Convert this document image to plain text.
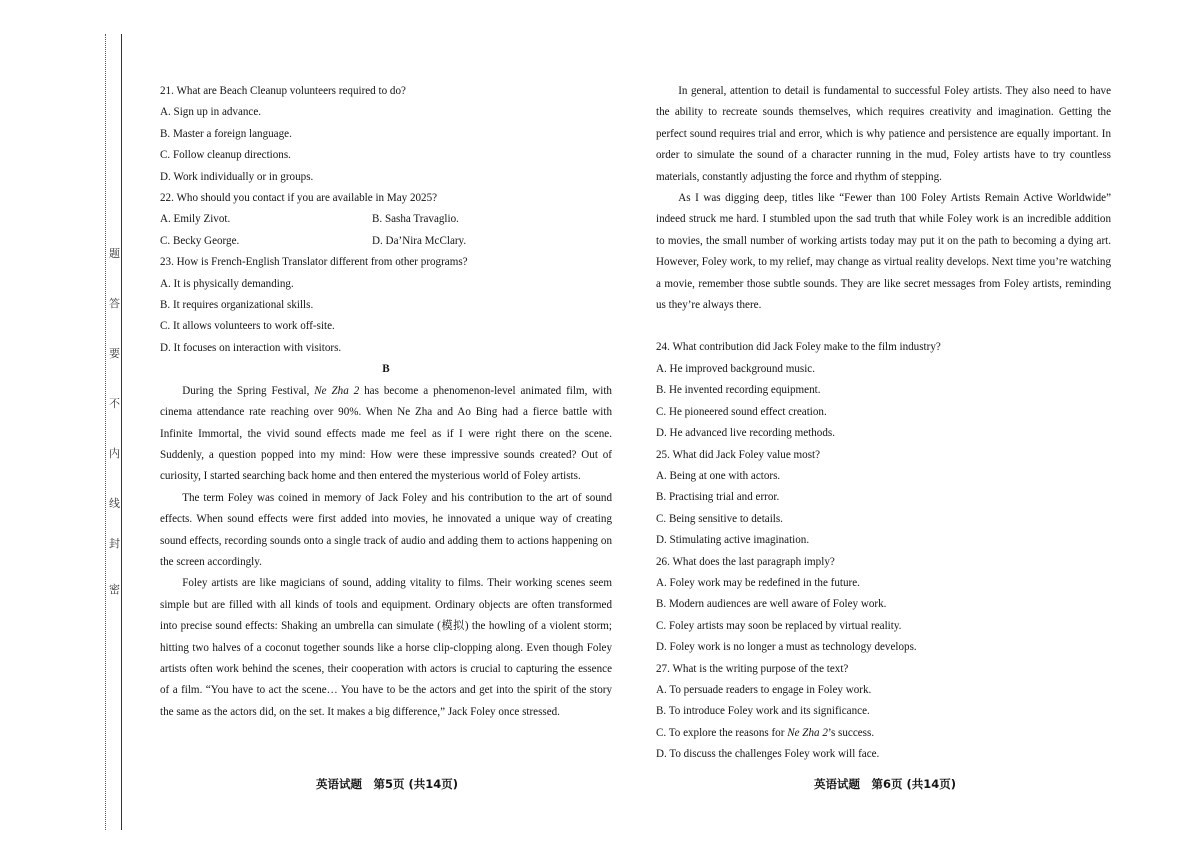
题
答
要
不
内
线
封
密

21. What are Beach Cleanup volunteers required to do?

A. Sign up in advance.

B. Master a foreign language.

C. Follow cleanup directions.

D. Work individually or in groups.

22. Who should you contact if you are available in May 2025?

A. Emily Zivot.	B. Sasha Travaglio.

C. Becky George.	D. Da’Nira McClary.

23. How is French-English Translator different from other programs?

A. It is physically demanding.

B. It requires organizational skills.

C. It allows volunteers to work off-site.

D. It focuses on interaction with visitors.

B

During the Spring Festival, Ne Zha 2 has become a phenomenon-level animated film, with cinema attendance rate reaching over 90%. When Ne Zha and Ao Bing had a fierce battle with Infinite Immortal, the vivid sound effects made me feel as if I were right there on the scene. Suddenly, a question popped into my mind: How were these impressive sounds created? Out of curiosity, I started searching back home and then entered the mysterious world of Foley artists.

The term Foley was coined in memory of Jack Foley and his contribution to the art of sound effects. When sound effects were first added into movies, he innovated a unique way of creating sound effects, recording sounds onto a single track of audio and adding them to actions happening on the screen accordingly.

Foley artists are like magicians of sound, adding vitality to films. Their working scenes seem simple but are filled with all kinds of tools and equipment. Ordinary objects are often transformed into precise sound effects: Shaking an umbrella can simulate (模拟) the howling of a violent storm; hitting two halves of a coconut together sounds like a horse clip-clopping along. Even though Foley artists often work behind the scenes, their cooperation with actors is crucial to capturing the essence of a film. “You have to act the scene… You have to be the actors and get into the spirit of the story the same as the actors did, on the set. It makes a big difference,” Jack Foley once stressed.

In general, attention to detail is fundamental to successful Foley artists. They also need to have the ability to recreate sounds themselves, which requires creativity and imagination. Getting the perfect sound requires trial and error, which is why patience and persistence are equally important. In order to simulate the sound of a character running in the mud, Foley artists have to try countless materials, constantly adjusting the force and rhythm of stepping.

As I was digging deep, titles like “Fewer than 100 Foley Artists Remain Active Worldwide” indeed struck me hard. I stumbled upon the sad truth that while Foley work is an incredible addition to movies, the small number of working artists today may put it on the path to becoming a dying art. However, Foley work, to my relief, may change as virtual reality develops. Next time you’re watching a movie, remember those subtle sounds. They are like secret messages from Foley artists, reminding us they’re always there.

24. What contribution did Jack Foley make to the film industry?

A. He improved background music.

B. He invented recording equipment.

C. He pioneered sound effect creation.

D. He advanced live recording methods.

25. What did Jack Foley value most?

A. Being at one with actors.

B. Practising trial and error.

C. Being sensitive to details.

D. Stimulating active imagination.

26. What does the last paragraph imply?

A. Foley work may be redefined in the future.

B. Modern audiences are well aware of Foley work.

C. Foley artists may soon be replaced by virtual reality.

D. Foley work is no longer a must as technology develops.

27. What is the writing purpose of the text?

A. To persuade readers to engage in Foley work.

B. To introduce Foley work and its significance.

C. To explore the reasons for Ne Zha 2’s success.

D. To discuss the challenges Foley work will face.

英语试题　第5页 (共14页)	英语试题　第6页 (共14页)
